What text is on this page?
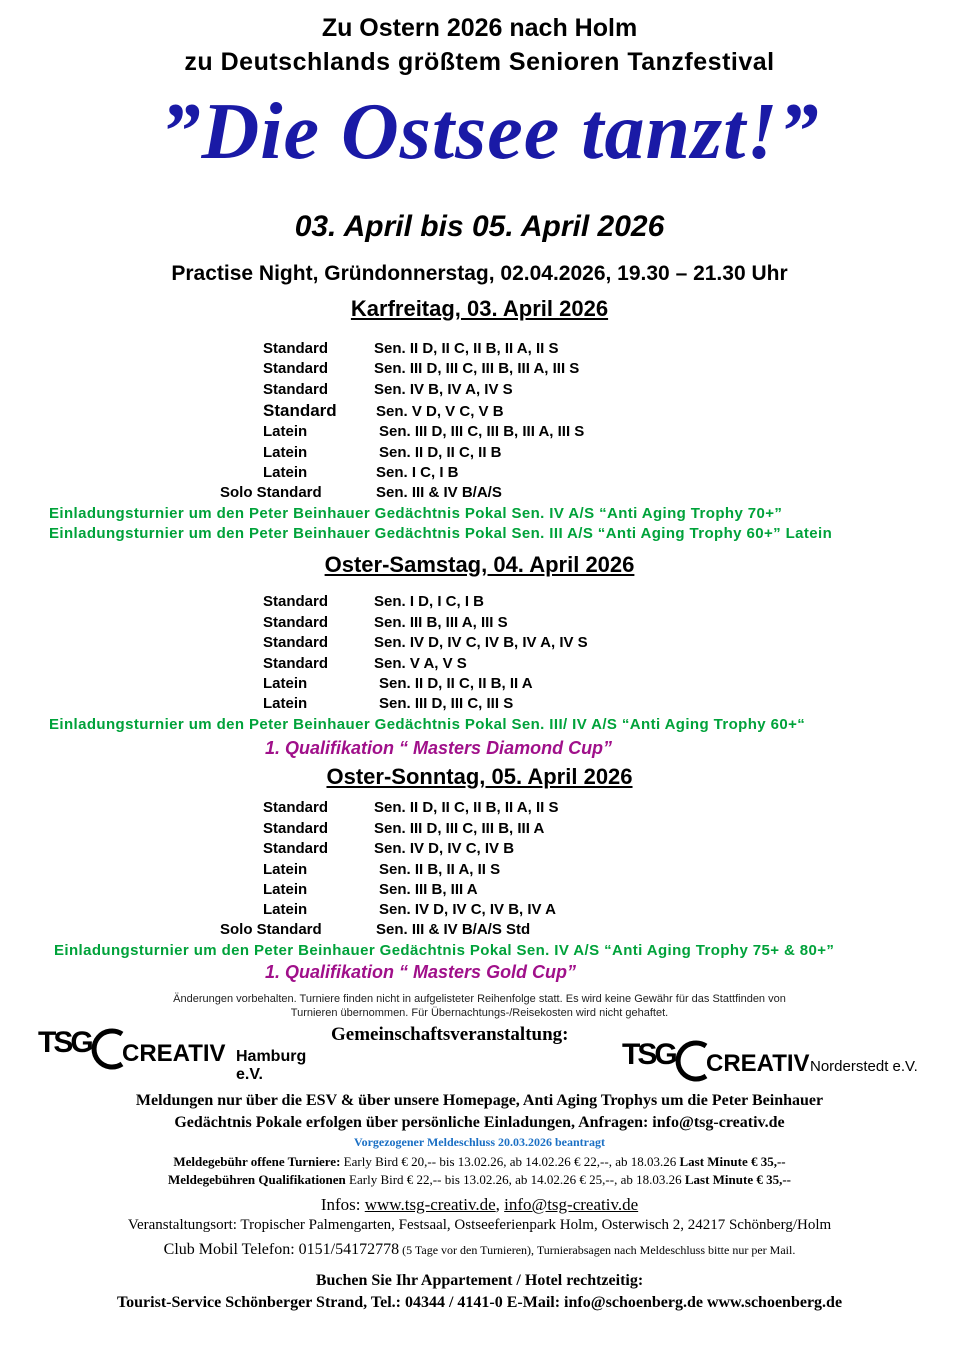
Zu Ostern 2026 nach Holm
zu Deutschlands größtem Senioren Tanzfestival
”Die Ostsee tanzt!”
03. April bis 05. April 2026
Practise Night, Gründonnerstag, 02.04.2026, 19.30 – 21.30 Uhr
Karfreitag, 03. April 2026
Standard	Sen. II D, II C, II B, II A, II S
Standard	Sen. III D, III C, III B, III A, III S
Standard	Sen. IV B, IV A, IV S
Standard	Sen. V D, V C, V B
Latein	Sen. III D, III C, III B, III A, III S
Latein	Sen. II D, II C, II B
Latein	Sen. I C, I B
Solo Standard	Sen. III & IV B/A/S
Einladungsturnier um den Peter Beinhauer Gedächtnis Pokal Sen. IV A/S “Anti Aging Trophy 70+”
Einladungsturnier um den Peter Beinhauer Gedächtnis Pokal Sen. III A/S “Anti Aging Trophy 60+” Latein
Oster-Samstag, 04. April 2026
Standard	Sen. I D, I C, I B
Standard	Sen. III B, III A, III S
Standard	Sen. IV D, IV C, IV B, IV A, IV S
Standard	Sen. V A, V S
Latein	Sen. II D, II C, II B, II A
Latein	Sen. III D, III C, III S
Einladungsturnier um den Peter Beinhauer Gedächtnis Pokal Sen. III/ IV A/S “Anti Aging Trophy 60+“
1. Qualifikation “ Masters Diamond Cup”
Oster-Sonntag, 05. April 2026
Standard	Sen. II D, II C, II B, II A, II S
Standard	Sen. III D, III C, III B, III A
Standard	Sen. IV D, IV C, IV B
Latein	Sen. II B, II A, II S
Latein	Sen. III B, III A
Latein	Sen. IV D, IV C, IV B, IV A
Solo Standard	Sen. III & IV B/A/S Std
Einladungsturnier um den Peter Beinhauer Gedächtnis Pokal Sen. IV A/S “Anti Aging Trophy 75+ & 80+”
1. Qualifikation “ Masters Gold Cup”
Änderungen vorbehalten. Turniere finden nicht in aufgelisteter Reihenfolge statt. Es wird keine Gewähr für das Stattfinden von
Turnieren übernommen. Für Übernachtungs-/Reisekosten wird nicht gehaftet.
TSG CREATIV Hamburg e.V.
Gemeinschaftsveranstaltung:
TSG CREATIV Norderstedt e.V.
Meldungen nur über die ESV & über unsere Homepage, Anti Aging Trophys um die Peter Beinhauer
Gedächtnis Pokale erfolgen über persönliche Einladungen, Anfragen: info@tsg-creativ.de
Vorgezogener Meldeschluss 20.03.2026 beantragt
Meldegebühr offene Turniere: Early Bird € 20,-- bis 13.02.26, ab 14.02.26 € 22,--, ab 18.03.26 Last Minute € 35,--
Meldegebühren Qualifikationen Early Bird € 22,-- bis 13.02.26, ab 14.02.26 € 25,--, ab 18.03.26 Last Minute € 35,--
Infos: www.tsg-creativ.de, info@tsg-creativ.de
Veranstaltungsort: Tropischer Palmengarten, Festsaal, Ostseeferienpark Holm, Osterwisch 2, 24217 Schönberg/Holm
Club Mobil Telefon: 0151/54172778 (5 Tage vor den Turnieren), Turnierabsagen nach Meldeschluss bitte nur per Mail.
Buchen Sie Ihr Appartement / Hotel rechtzeitig:
Tourist-Service Schönberger Strand, Tel.: 04344 / 4141-0 E-Mail: info@schoenberg.de www.schoenberg.de
